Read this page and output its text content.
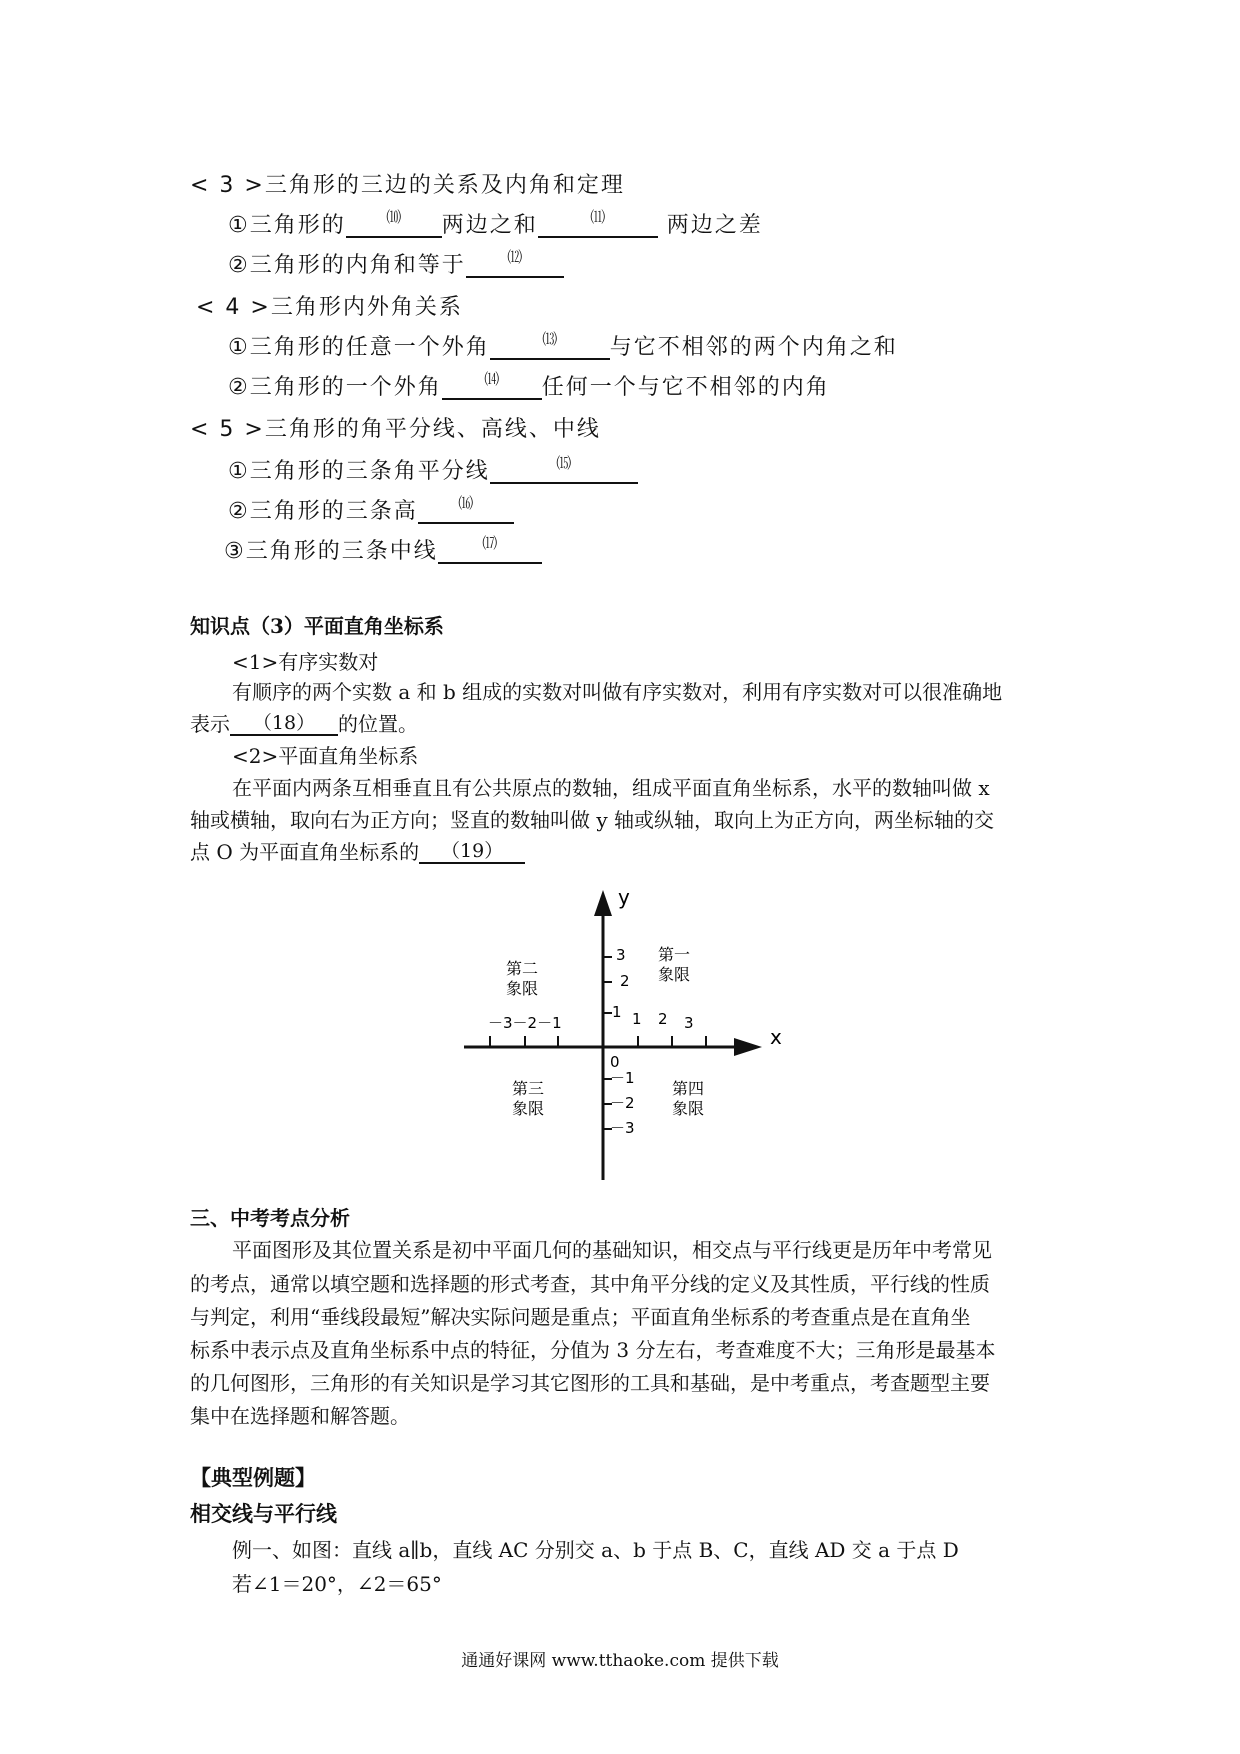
< 3 >三角形的三边的关系及内角和定理
①三角形的	⑽ 两边之和	⑾	两边之差
②三角形的内角和等于	⑿
< 4 >三角形内外角关系
①三角形的任意一个外角	⒀ 与它不相邻的两个内角之和
②三角形的一个外角	⒁ 任何一个与它不相邻的内角
< 5 >三角形的角平分线、高线、中线
①三角形的三条角平分线	⒂
②三角形的三条高	⒃
③三角形的三条中线	⒄
知识点（3）平面直角坐标系
<1>有序实数对
有顺序的两个实数 a 和 b 组成的实数对叫做有序实数对，利用有序实数对可以很准确地
表示 （18） 的位置。
<2>平面直角坐标系
在平面内两条互相垂直且有公共原点的数轴，组成平面直角坐标系，水平的数轴叫做 x
轴或横轴，取向右为正方向；竖直的数轴叫做 y 轴或纵轴，取向上为正方向，两坐标轴的交
点 O 为平面直角坐标系的 （19）
y
x
0
－3－2－1	1 2 3
3
2
1
－1
－2
－3
第一
象限
第二
象限
第三
象限
第四
象限
三、中考考点分析
平面图形及其位置关系是初中平面几何的基础知识，相交点与平行线更是历年中考常见
的考点，通常以填空题和选择题的形式考查，其中角平分线的定义及其性质，平行线的性质
与判定，利用“垂线段最短”解决实际问题是重点；平面直角坐标系的考查重点是在直角坐
标系中表示点及直角坐标系中点的特征，分值为 3 分左右，考查难度不大；三角形是最基本
的几何图形，三角形的有关知识是学习其它图形的工具和基础，是中考重点，考查题型主要
集中在选择题和解答题。
【典型例题】
相交线与平行线
例一、如图：直线 a∥b，直线 AC 分别交 a、b 于点 B、C，直线 AD 交 a 于点 D
若∠1＝20°，∠2＝65°
通通好课网 www.tthaoke.com 提供下载
